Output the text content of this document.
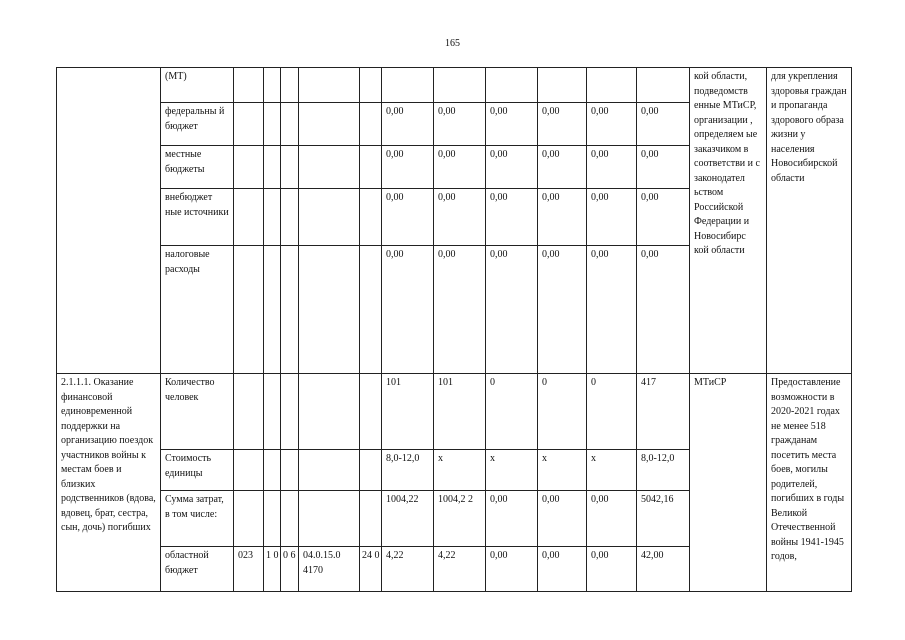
165
	(МТ)												кой области, подведомств енные МТиСР, организации , определяем ые заказчиком в соответстви и с законодател ьством Российской Федерации и Новосибирс кой области	для укрепления здоровья граждан и пропаганда здорового образа жизни у населения Новосибирской области
	федеральны й бюджет						0,00	0,00	0,00	0,00	0,00	0,00		
	местные бюджеты						0,00	0,00	0,00	0,00	0,00	0,00		
	внебюджет ные источники						0,00	0,00	0,00	0,00	0,00	0,00		
	налоговые расходы						0,00	0,00	0,00	0,00	0,00	0,00		
2.1.1.1. Оказание финансовой единовременной поддержки на организацию поездок участников войны к местам боев и близких родственников (вдова, вдовец, брат, сестра, сын, дочь) погибших	Количество человек						101	101	0	0	0	417	МТиСР	Предоставление возможности в 2020-2021 годах не менее 518 гражданам посетить места боев, могилы родителей, погибших в годы Великой Отечественной войны 1941-1945 годов,
	Стоимость единицы						8,0-12,0	x	x	x	x	8,0-12,0		
	Сумма затрат, в том числе:						1004,22	1004,2 2	0,00	0,00	0,00	5042,16		
	областной бюджет	023	1 0	0 6	04.0.15.0 4170	24 0	4,22	4,22	0,00	0,00	0,00	42,00		
